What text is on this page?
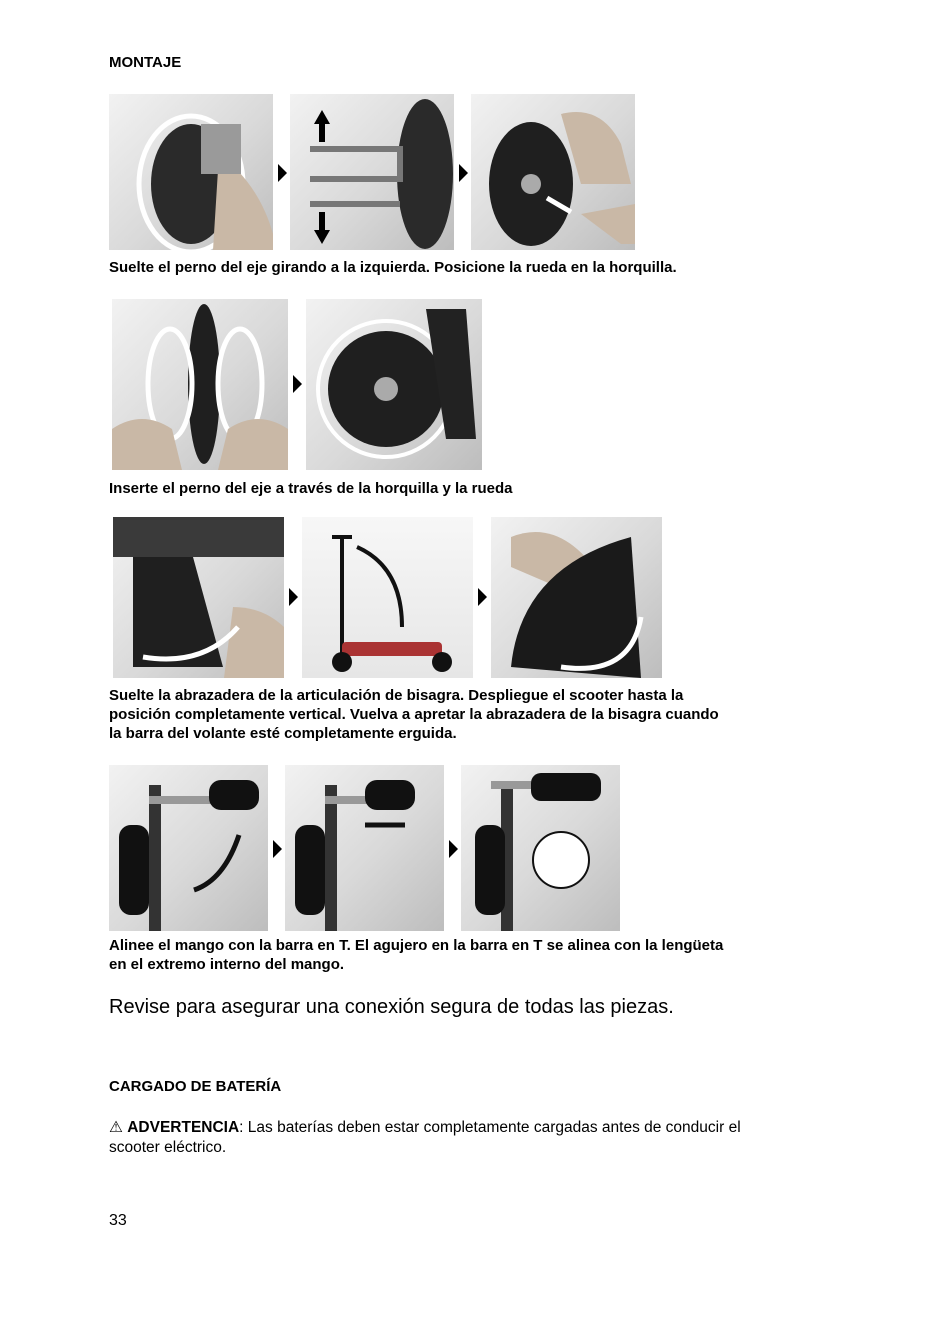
MONTAJE
Suelte el perno del eje girando a la izquierda. Posicione la rueda en la horquilla.
Inserte el perno del eje a través de la horquilla y la rueda
Suelte la abrazadera de la articulación de bisagra. Despliegue el scooter hasta la
posición completamente vertical. Vuelva a apretar la abrazadera de la bisagra cuando
la barra del volante esté completamente erguida.
Alinee el mango con la barra en T. El agujero en la barra en T se alinea con la lengüeta
en el extremo interno del mango.
Revise para asegurar una conexión segura de todas las piezas.
CARGADO DE BATERÍA
⚠ ADVERTENCIA: Las baterías deben estar completamente cargadas antes de conducir el
scooter eléctrico.
33
